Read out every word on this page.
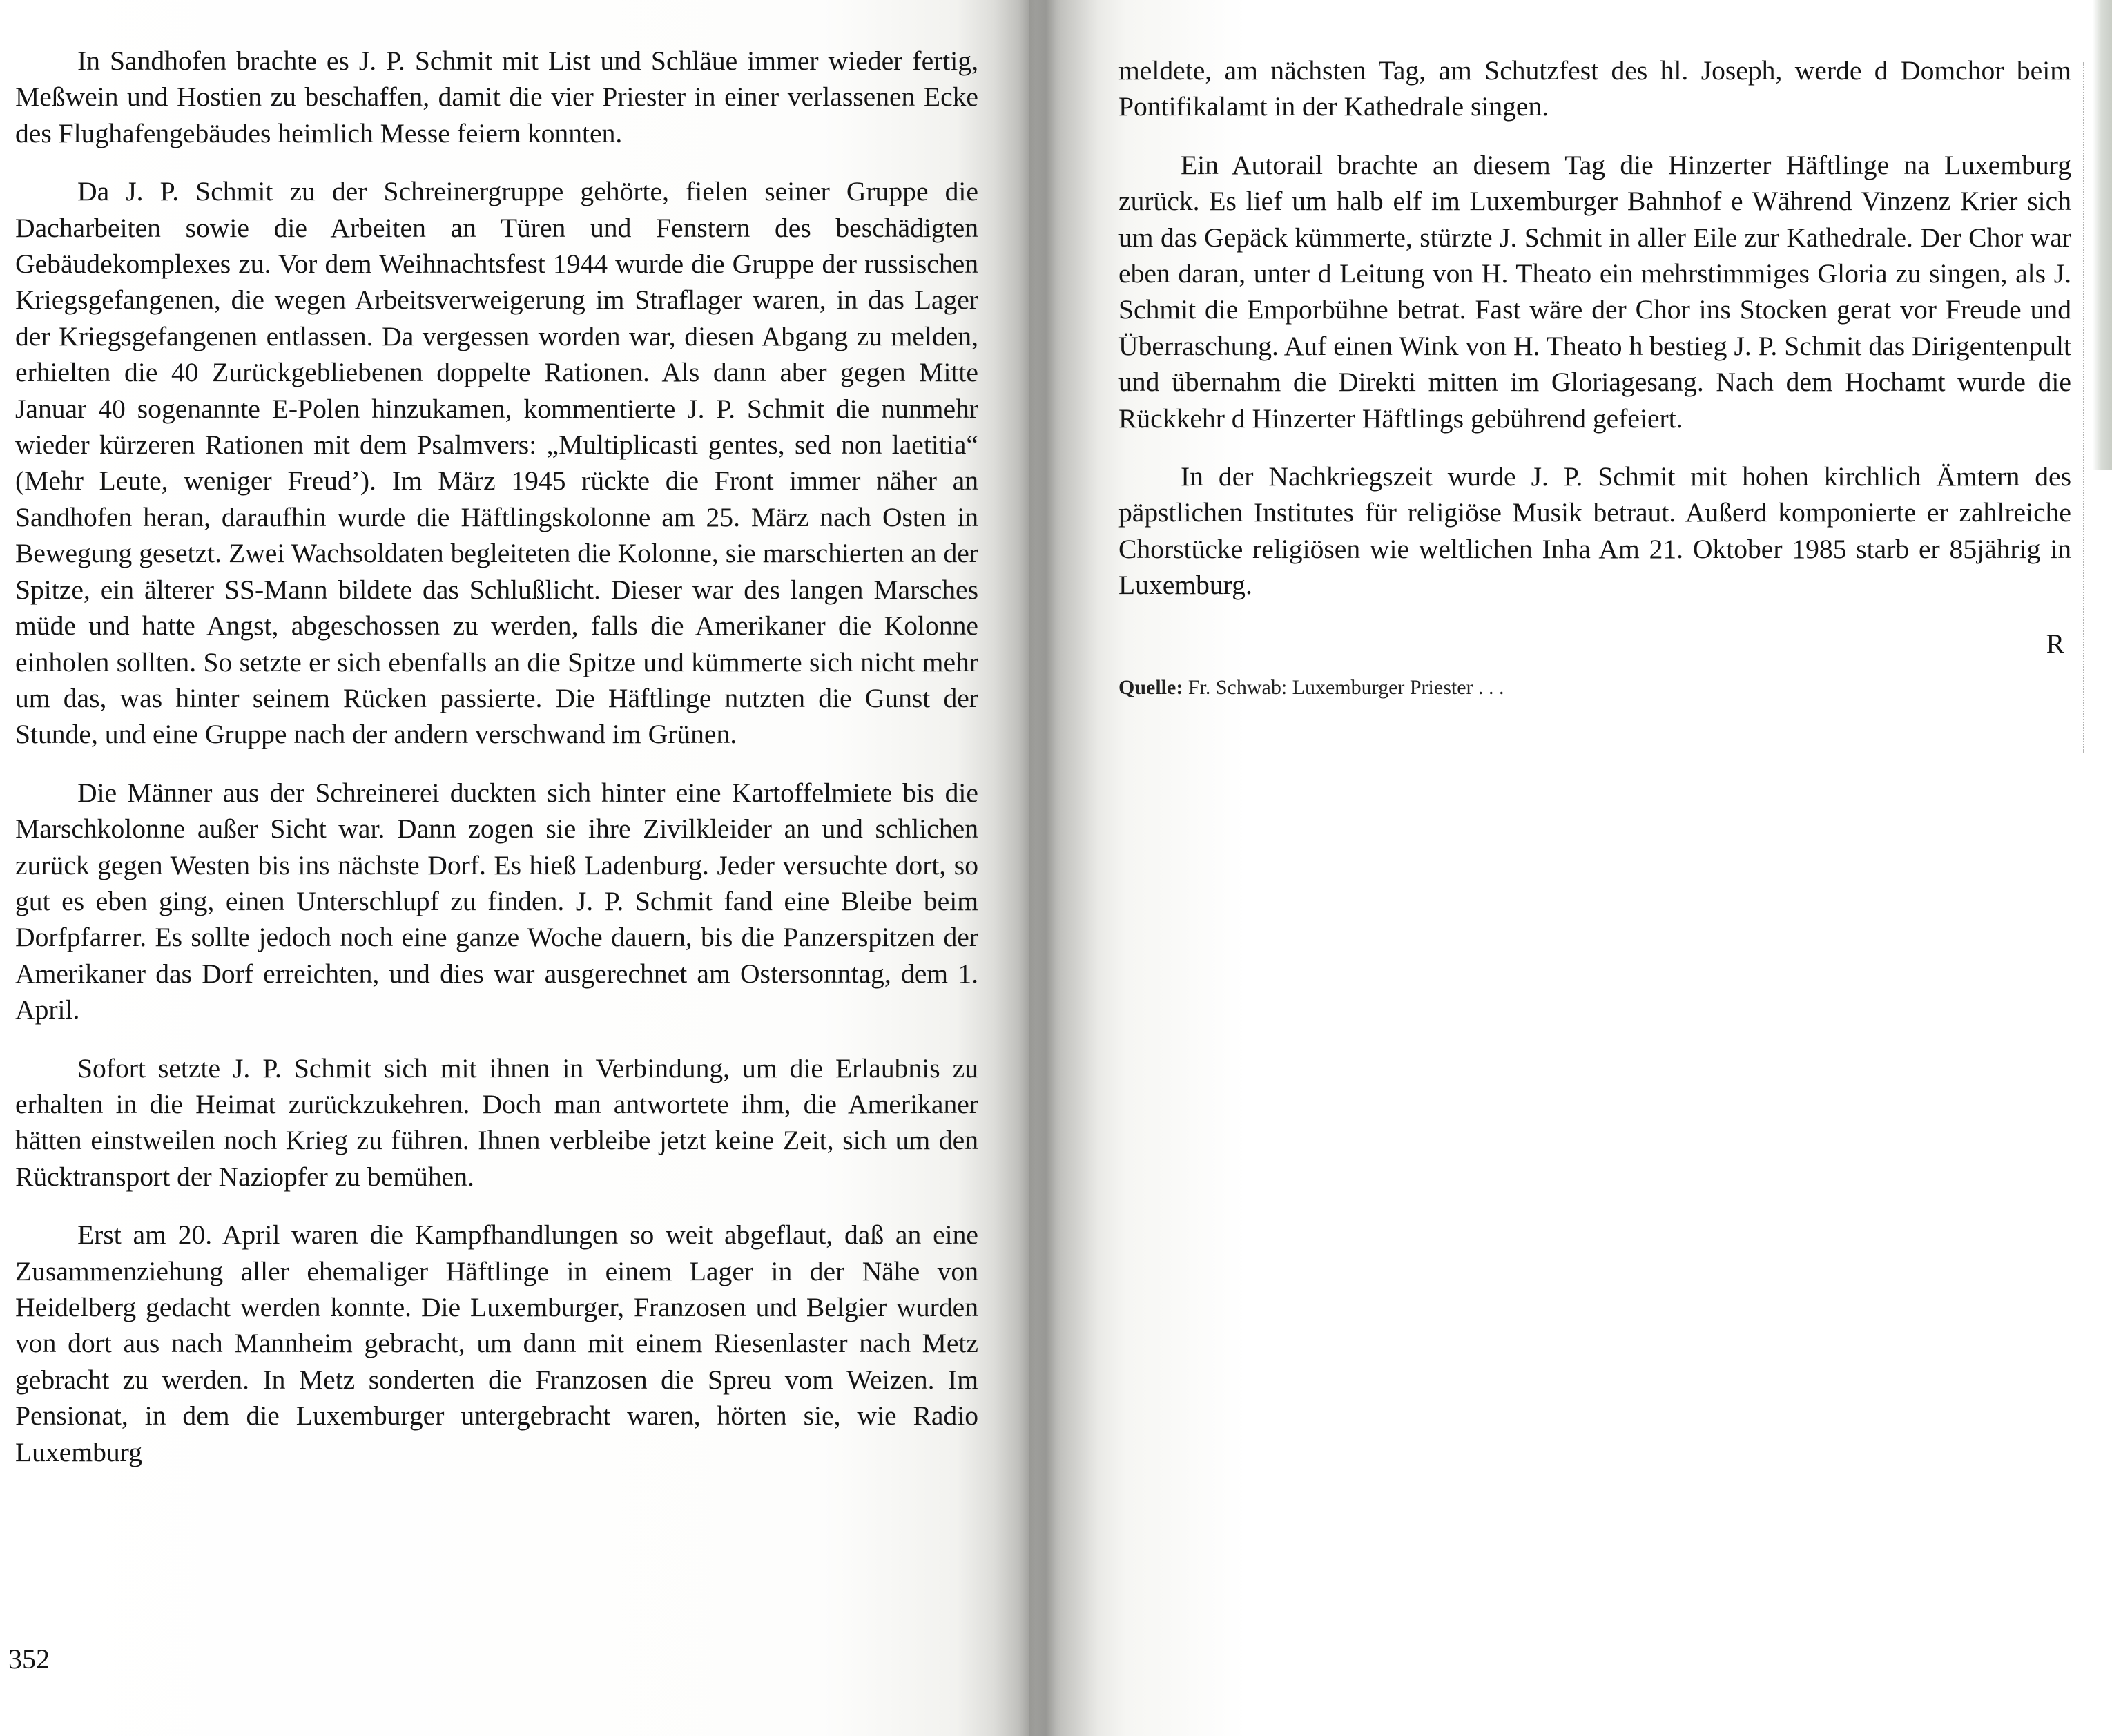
In Sandhofen brachte es J. P. Schmit mit List und Schläue immer wieder fertig, Meßwein und Hostien zu beschaffen, damit die vier Priester in einer verlassenen Ecke des Flughafengebäudes heimlich Messe feiern konnten.

Da J. P. Schmit zu der Schreinergruppe gehörte, fielen seiner Gruppe die Dacharbeiten sowie die Arbeiten an Türen und Fenstern des beschädigten Gebäudekomplexes zu. Vor dem Weihnachtsfest 1944 wurde die Gruppe der russischen Kriegsgefangenen, die wegen Arbeitsverweigerung im Straflager waren, in das Lager der Kriegsgefangenen entlassen. Da vergessen worden war, diesen Abgang zu melden, erhielten die 40 Zurückgebliebenen doppelte Rationen. Als dann aber gegen Mitte Januar 40 sogenannte E-Polen hinzukamen, kommentierte J. P. Schmit die nunmehr wieder kürzeren Rationen mit dem Psalmvers: „Multiplicasti gentes, sed non laetitia“ (Mehr Leute, weniger Freud’). Im März 1945 rückte die Front immer näher an Sandhofen heran, daraufhin wurde die Häftlingskolonne am 25. März nach Osten in Bewegung gesetzt. Zwei Wachsoldaten begleiteten die Kolonne, sie marschierten an der Spitze, ein älterer SS-Mann bildete das Schlußlicht. Dieser war des langen Marsches müde und hatte Angst, abgeschossen zu werden, falls die Amerikaner die Kolonne einholen sollten. So setzte er sich ebenfalls an die Spitze und kümmerte sich nicht mehr um das, was hinter seinem Rücken passierte. Die Häftlinge nutzten die Gunst der Stunde, und eine Gruppe nach der andern verschwand im Grünen.

Die Männer aus der Schreinerei duckten sich hinter eine Kartoffelmiete bis die Marschkolonne außer Sicht war. Dann zogen sie ihre Zivilkleider an und schlichen zurück gegen Westen bis ins nächste Dorf. Es hieß Ladenburg. Jeder versuchte dort, so gut es eben ging, einen Unterschlupf zu finden. J. P. Schmit fand eine Bleibe beim Dorfpfarrer. Es sollte jedoch noch eine ganze Woche dauern, bis die Panzerspitzen der Amerikaner das Dorf erreichten, und dies war ausgerechnet am Ostersonntag, dem 1. April.

Sofort setzte J. P. Schmit sich mit ihnen in Verbindung, um die Erlaubnis zu erhalten in die Heimat zurückzukehren. Doch man antwortete ihm, die Amerikaner hätten einstweilen noch Krieg zu führen. Ihnen verbleibe jetzt keine Zeit, sich um den Rücktransport der Naziopfer zu bemühen.

Erst am 20. April waren die Kampfhandlungen so weit abgeflaut, daß an eine Zusammenziehung aller ehemaliger Häftlinge in einem Lager in der Nähe von Heidelberg gedacht werden konnte. Die Luxemburger, Franzosen und Belgier wurden von dort aus nach Mannheim gebracht, um dann mit einem Riesenlaster nach Metz gebracht zu werden. In Metz sonderten die Franzosen die Spreu vom Weizen. Im Pensionat, in dem die Luxemburger untergebracht waren, hörten sie, wie Radio Luxemburg

352

meldete, am nächsten Tag, am Schutzfest des hl. Joseph, werde d Domchor beim Pontifikalamt in der Kathedrale singen.

Ein Autorail brachte an diesem Tag die Hinzerter Häftlinge na Luxemburg zurück. Es lief um halb elf im Luxemburger Bahnhof e Während Vinzenz Krier sich um das Gepäck kümmerte, stürzte J. Schmit in aller Eile zur Kathedrale. Der Chor war eben daran, unter d Leitung von H. Theato ein mehrstimmiges Gloria zu singen, als J. Schmit die Emporbühne betrat. Fast wäre der Chor ins Stocken gerat vor Freude und Überraschung. Auf einen Wink von H. Theato h bestieg J. P. Schmit das Dirigentenpult und übernahm die Direkti mitten im Gloriagesang. Nach dem Hochamt wurde die Rückkehr d Hinzerter Häftlings gebührend gefeiert.

In der Nachkriegszeit wurde J. P. Schmit mit hohen kirchlich Ämtern des päpstlichen Institutes für religiöse Musik betraut. Außerd komponierte er zahlreiche Chorstücke religiösen wie weltlichen Inha Am 21. Oktober 1985 starb er 85jährig in Luxemburg.

R

Quelle: Fr. Schwab: Luxemburger Priester . . .
